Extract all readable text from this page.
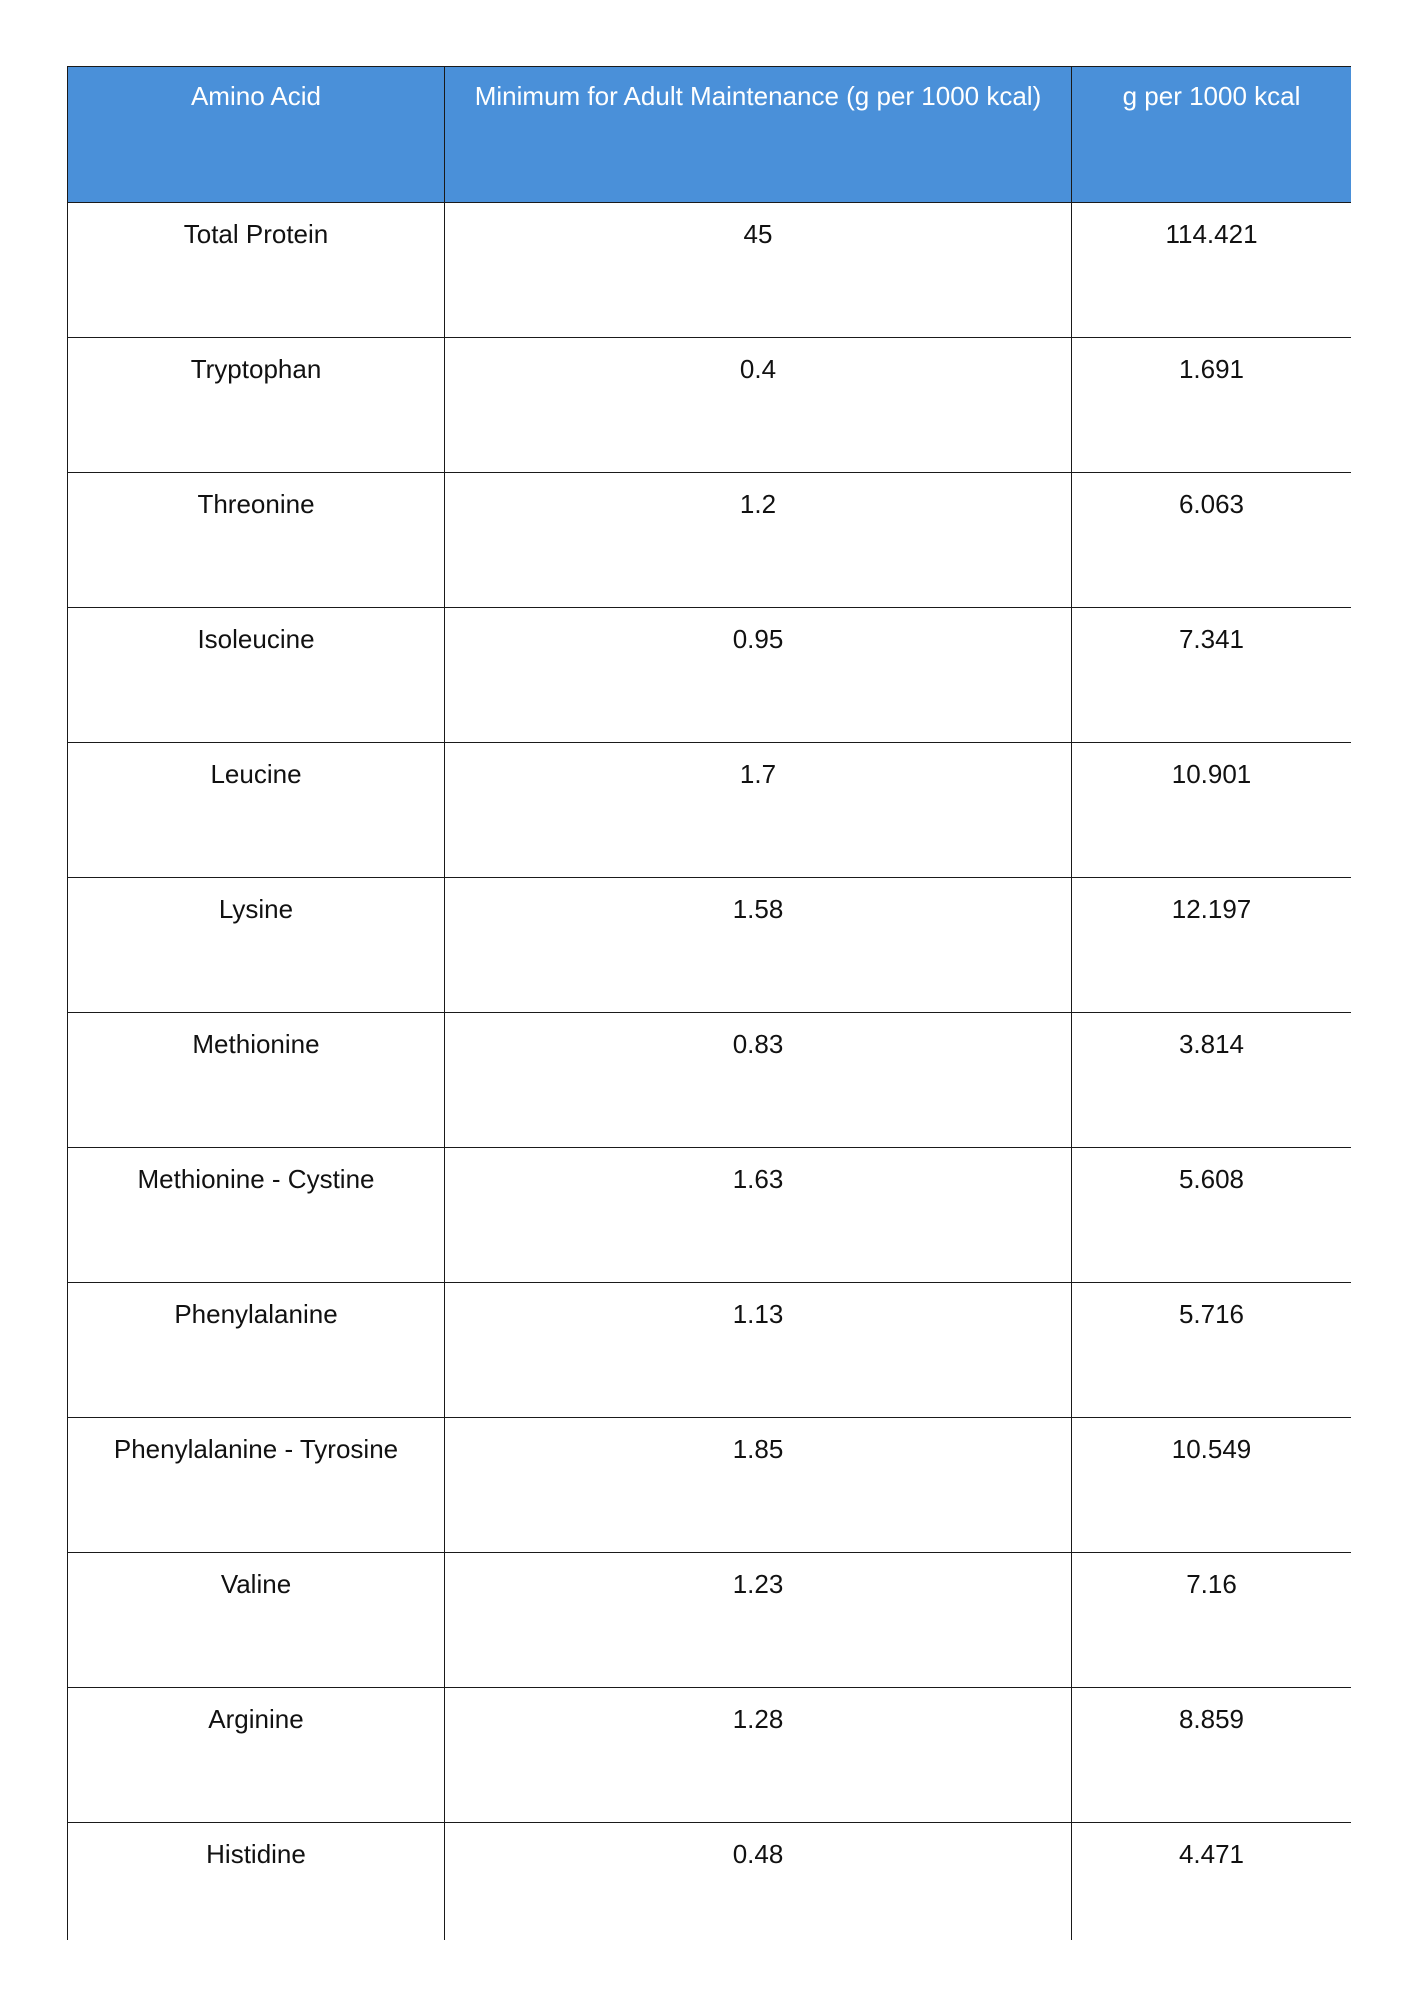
Amino Acid	Minimum for Adult Maintenance (g per 1000 kcal)	g per 1000 kcal
Total Protein	45	114.421
Tryptophan	0.4	1.691
Threonine	1.2	6.063
Isoleucine	0.95	7.341
Leucine	1.7	10.901
Lysine	1.58	12.197
Methionine	0.83	3.814
Methionine - Cystine	1.63	5.608
Phenylalanine	1.13	5.716
Phenylalanine - Tyrosine	1.85	10.549
Valine	1.23	7.16
Arginine	1.28	8.859
Histidine	0.48	4.471
